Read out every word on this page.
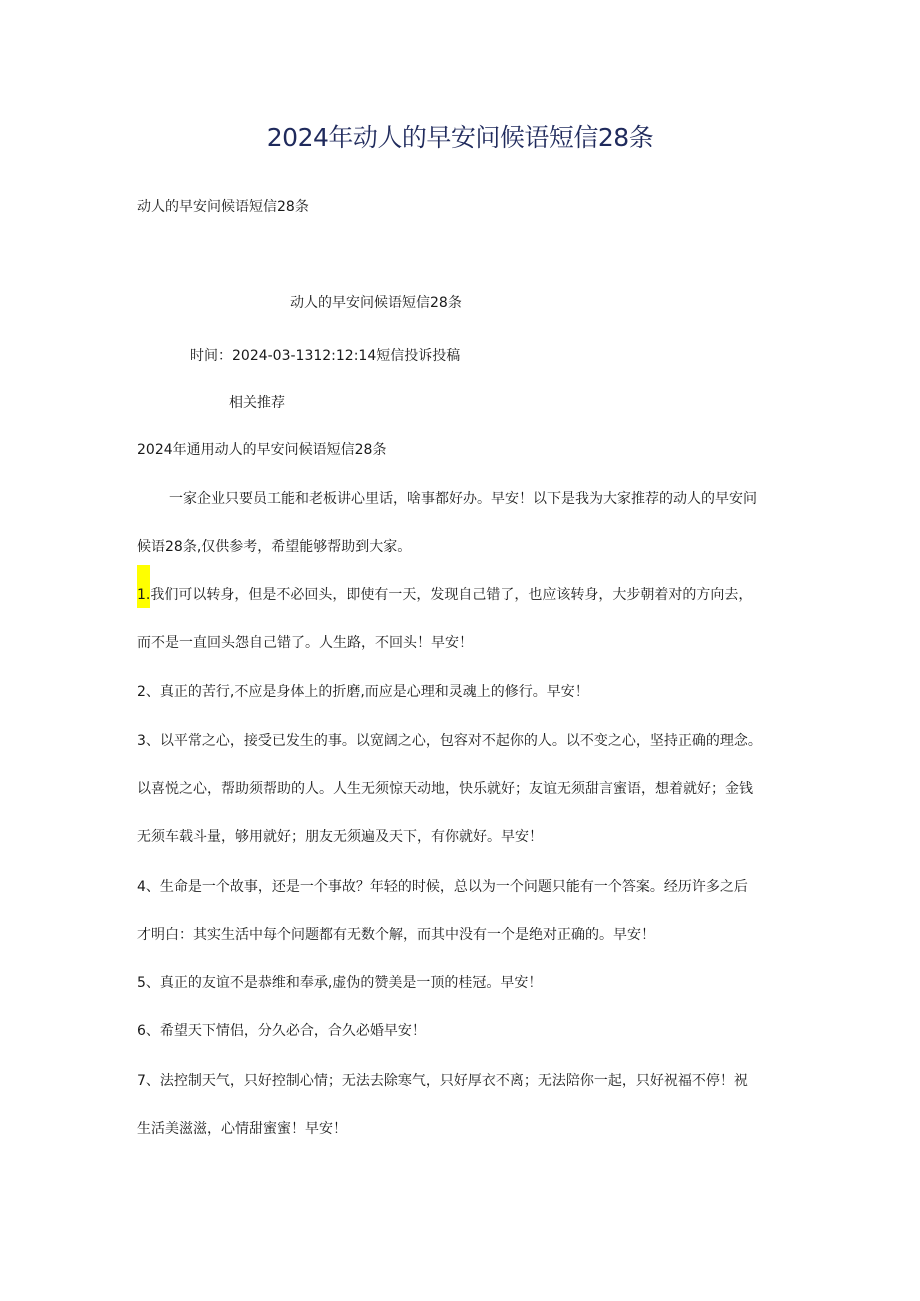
2024年动人的早安问候语短信28条
动人的早安问候语短信28条
动人的早安问候语短信28条
时间：2024-03-1312:12:14短信投诉投稿
相关推荐
2024年通用动人的早安问候语短信28条
一家企业只要员工能和老板讲心里话，啥事都好办。早安！以下是我为大家推荐的动人的早安问
候语28条,仅供参考，希望能够帮助到大家。
1.我们可以转身，但是不必回头，即使有一天，发现自己错了，也应该转身，大步朝着对的方向去，
而不是一直回头怨自己错了。人生路，不回头！早安！
2、真正的苦行,不应是身体上的折磨,而应是心理和灵魂上的修行。早安！
3、以平常之心，接受已发生的事。以宽阔之心，包容对不起你的人。以不变之心，坚持正确的理念。
以喜悦之心，帮助须帮助的人。人生无须惊天动地，快乐就好；友谊无须甜言蜜语，想着就好；金钱
无须车载斗量，够用就好；朋友无须遍及天下，有你就好。早安！
4、生命是一个故事，还是一个事故？年轻的时候，总以为一个问题只能有一个答案。经历许多之后
才明白：其实生活中每个问题都有无数个解，而其中没有一个是绝对正确的。早安！
5、真正的友谊不是恭维和奉承,虚伪的赞美是一顶的桂冠。早安！
6、希望天下情侣，分久必合，合久必婚早安！
7、法控制天气，只好控制心情；无法去除寒气，只好厚衣不离；无法陪你一起，只好祝福不停！祝
生活美滋滋，心情甜蜜蜜！早安！
